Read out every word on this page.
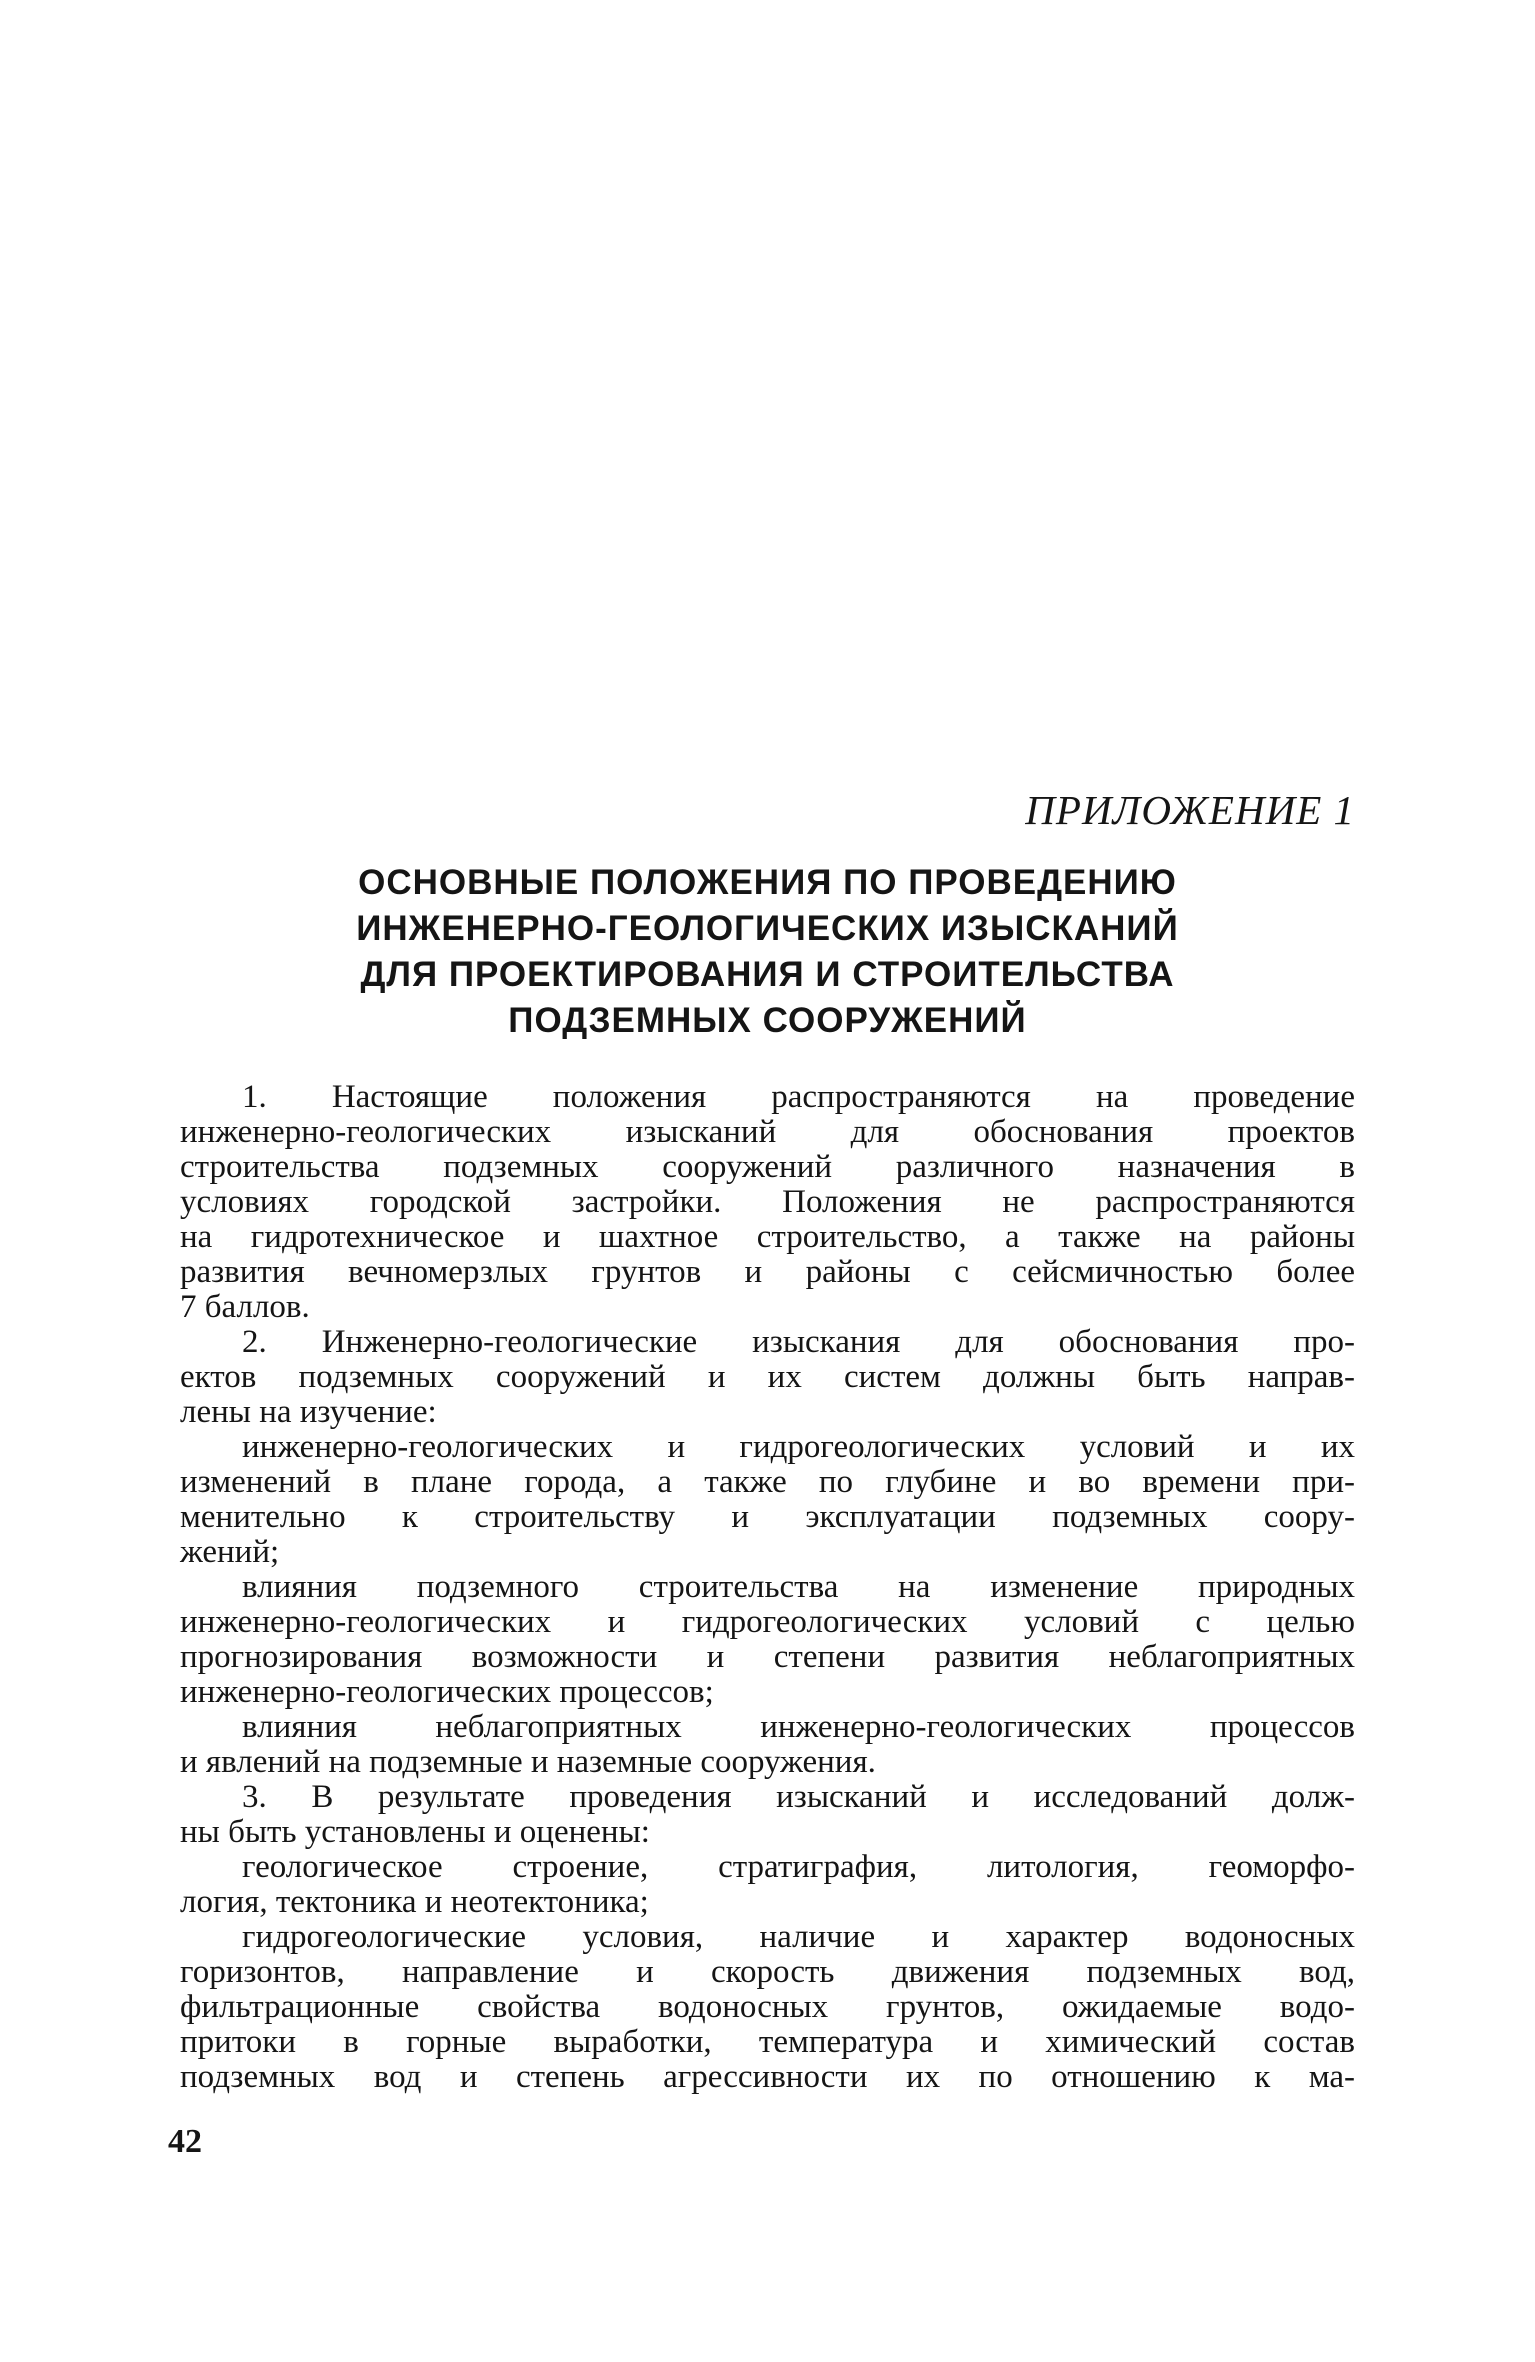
ПРИЛОЖЕНИЕ 1
ОСНОВНЫЕ ПОЛОЖЕНИЯ ПО ПРОВЕДЕНИЮ
ИНЖЕНЕРНО-ГЕОЛОГИЧЕСКИХ ИЗЫСКАНИЙ
ДЛЯ ПРОЕКТИРОВАНИЯ И СТРОИТЕЛЬСТВА
ПОДЗЕМНЫХ СООРУЖЕНИЙ

1. Настоящие положения распространяются на проведение

инженерно-геологических изысканий для обоснования проектов

строительства подземных сооружений различного назначения в

условиях городской застройки. Положения не распространяются

на гидротехническое и шахтное строительство, а также на районы

развития вечномерзлых грунтов и районы с сейсмичностью более

7 баллов.

2. Инженерно-геологические изыскания для обоснования про-

ектов подземных сооружений и их систем должны быть направ-

лены на изучение:

инженерно-геологических и гидрогеологических условий и их

изменений в плане города, а также по глубине и во времени при-

менительно к строительству и эксплуатации подземных соору-

жений;

влияния подземного строительства на изменение природных

инженерно-геологических и гидрогеологических условий с целью

прогнозирования возможности и степени развития неблагоприятных

инженерно-геологических процессов;

влияния неблагоприятных инженерно-геологических процессов

и явлений на подземные и наземные сооружения.

3. В результате проведения изысканий и исследований долж-

ны быть установлены и оценены:

геологическое строение, стратиграфия, литология, геоморфо-

логия, тектоника и неотектоника;

гидрогеологические условия, наличие и характер водоносных

горизонтов, направление и скорость движения подземных вод,

фильтрационные свойства водоносных грунтов, ожидаемые водо-

притоки в горные выработки, температура и химический состав

подземных вод и степень агрессивности их по отношению к ма-

42
